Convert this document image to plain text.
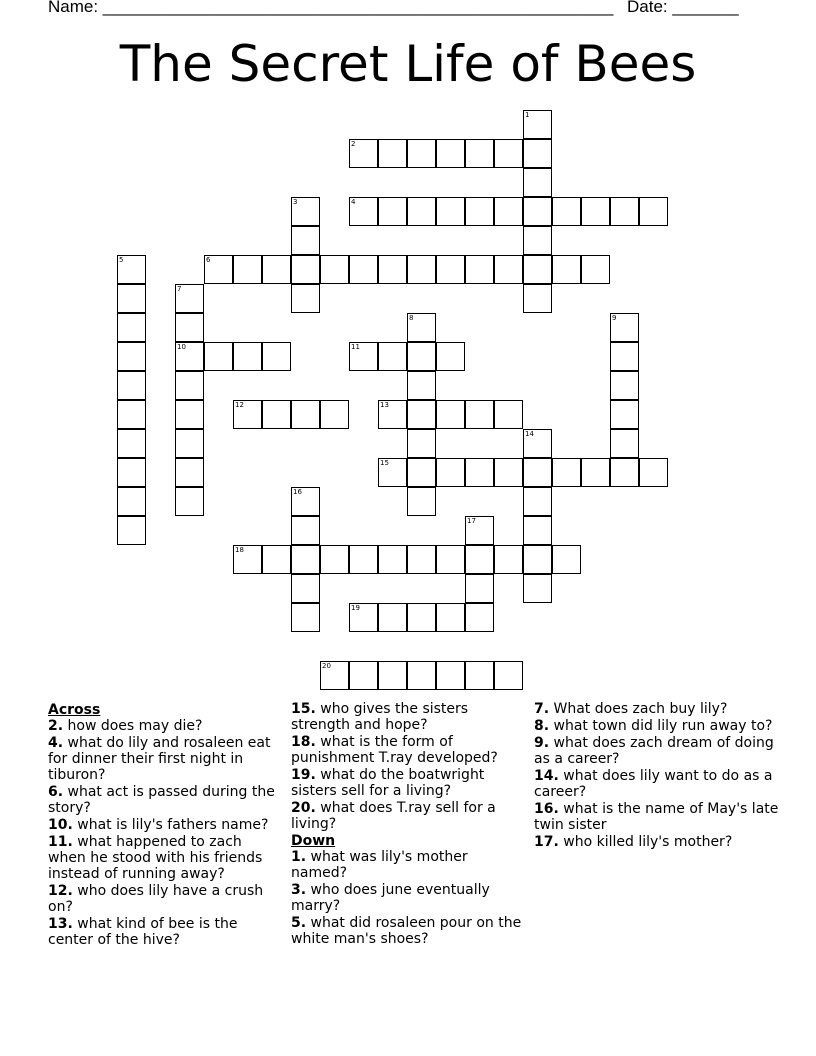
Name: ______________________________________________________ Date: _______
The Secret Life of Bees
1
2
3	4
5	6
7
10
8	9
11
12	13
14
15
16
17
18
19
20
Across
2. how does may die?
4. what do lily and rosaleen eat for dinner their first night in tiburon?
6. what act is passed during the story?
10. what is lily's fathers name?
11. what happened to zach when he stood with his friends instead of running away?
12. who does lily have a crush on?
13. what kind of bee is the center of the hive?
15. who gives the sisters strength and hope?
18. what is the form of punishment T.ray developed?
19. what do the boatwright sisters sell for a living?
20. what does T.ray sell for a living?
Down
1. what was lily's mother named?
3. who does june eventually marry?
5. what did rosaleen pour on the white man's shoes?
7. What does zach buy lily?
8. what town did lily run away to?
9. what does zach dream of doing as a career?
14. what does lily want to do as a career?
16. what is the name of May's late twin sister
17. who killed lily's mother?
